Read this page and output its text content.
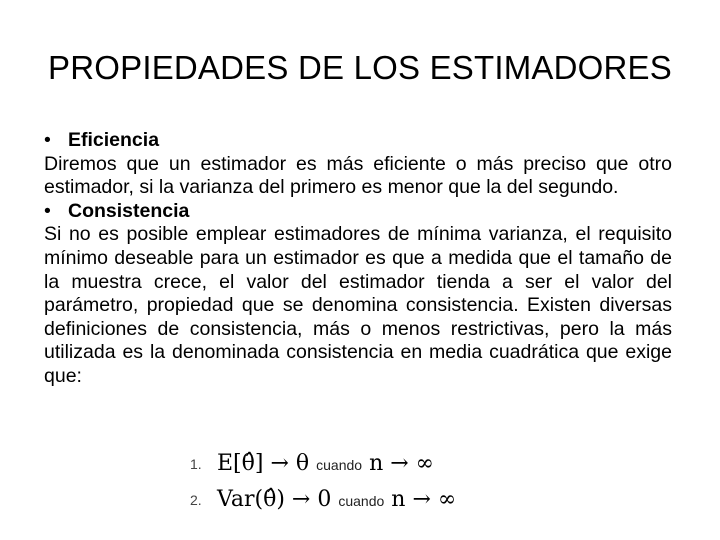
PROPIEDADES DE LOS ESTIMADORES

• Eficiencia

Diremos que un estimador es más eficiente o más preciso que otro estimador, si la varianza del primero es menor que la del segundo.

• Consistencia

Si no es posible emplear estimadores de mínima varianza, el requisito mínimo deseable para un estimador es que a medida que el tamaño de la muestra crece, el valor del estimador tienda a ser el valor del parámetro, propiedad que se denomina consistencia. Existen diversas definiciones de consistencia, más o menos restrictivas, pero la más utilizada es la denominada consistencia en media cuadrática que exige que:

1. E[θ̂] → θ cuando n → ∞
2. Var(θ̂) → 0 cuando n → ∞
